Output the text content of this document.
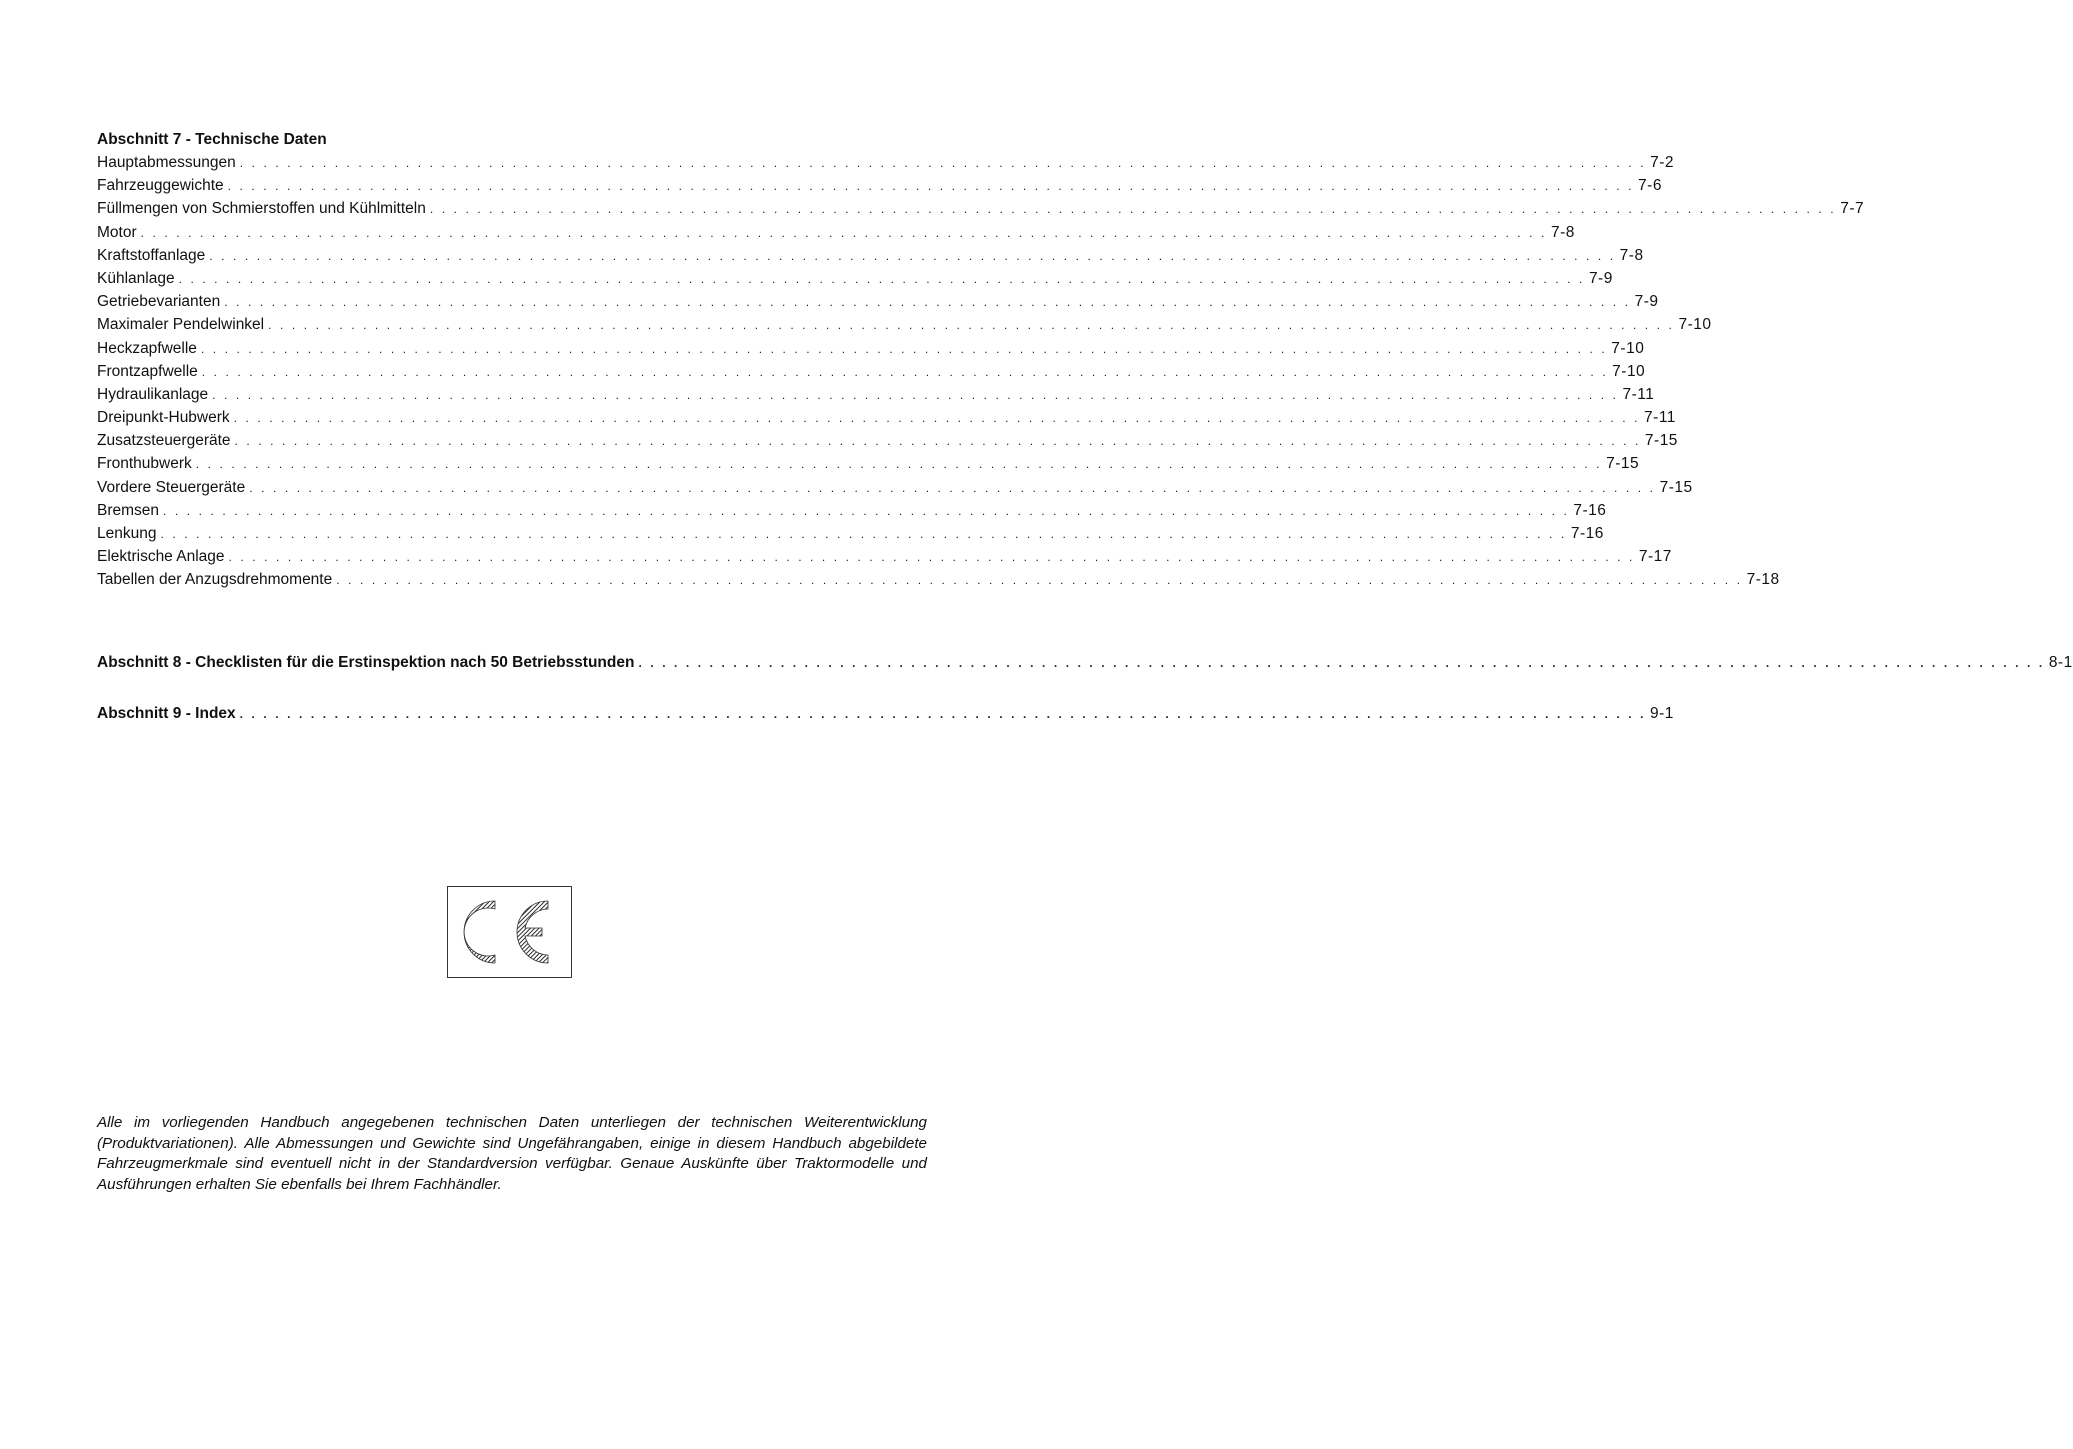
Abschnitt 7 - Technische Daten
Hauptabmessungen . . . . . . . . . . . . . . . . . . . . . . . . . . . . . . . . . . . . . . . . . . . . . . . . . . . . . . . . . . . . . . . . . . . . . . . . . . . . . . . . . . . . . . . . . . . . . . . . . . . . . . . . . . . . . . . . . . . . . . . 7-2
Fahrzeuggewichte . . . . . . . . . . . . . . . . . . . . . . . . . . . . . . . . . . . . . . . . . . . . . . . . . . . . . . . . . . . . . . . . . . . . . . . . . . . . . . . . . . . . . . . . . . . . . . . . . . . . . . . . . . . . . . . . . . . . . . . 7-6
Füllmengen von Schmierstoffen und Kühlmitteln . . . . . . . . . . . . . . . . . . . . . . . . . . . . . . . . . . . . . . . . . . . . . . . . . . . . . . . . . . . . . . . . . . . . . . . . . . . . . . . . . . . . . . . . . . . . . . . . . . . . . . . . . . . . . . . . . . . . . . . 7-7
Motor . . . . . . . . . . . . . . . . . . . . . . . . . . . . . . . . . . . . . . . . . . . . . . . . . . . . . . . . . . . . . . . . . . . . . . . . . . . . . . . . . . . . . . . . . . . . . . . . . . . . . . . . . . . . . . . . . . . . . . . 7-8
Kraftstoffanlage . . . . . . . . . . . . . . . . . . . . . . . . . . . . . . . . . . . . . . . . . . . . . . . . . . . . . . . . . . . . . . . . . . . . . . . . . . . . . . . . . . . . . . . . . . . . . . . . . . . . . . . . . . . . . . . . . . . . . . . 7-8
Kühlanlage . . . . . . . . . . . . . . . . . . . . . . . . . . . . . . . . . . . . . . . . . . . . . . . . . . . . . . . . . . . . . . . . . . . . . . . . . . . . . . . . . . . . . . . . . . . . . . . . . . . . . . . . . . . . . . . . . . . . . . . 7-9
Getriebevarianten . . . . . . . . . . . . . . . . . . . . . . . . . . . . . . . . . . . . . . . . . . . . . . . . . . . . . . . . . . . . . . . . . . . . . . . . . . . . . . . . . . . . . . . . . . . . . . . . . . . . . . . . . . . . . . . . . . . . . . . 7-9
Maximaler Pendelwinkel . . . . . . . . . . . . . . . . . . . . . . . . . . . . . . . . . . . . . . . . . . . . . . . . . . . . . . . . . . . . . . . . . . . . . . . . . . . . . . . . . . . . . . . . . . . . . . . . . . . . . . . . . . . . . . . . . . . . . . . 7-10
Heckzapfwelle . . . . . . . . . . . . . . . . . . . . . . . . . . . . . . . . . . . . . . . . . . . . . . . . . . . . . . . . . . . . . . . . . . . . . . . . . . . . . . . . . . . . . . . . . . . . . . . . . . . . . . . . . . . . . . . . . . . . . . . 7-10
Frontzapfwelle . . . . . . . . . . . . . . . . . . . . . . . . . . . . . . . . . . . . . . . . . . . . . . . . . . . . . . . . . . . . . . . . . . . . . . . . . . . . . . . . . . . . . . . . . . . . . . . . . . . . . . . . . . . . . . . . . . . . . . . 7-10
Hydraulikanlage . . . . . . . . . . . . . . . . . . . . . . . . . . . . . . . . . . . . . . . . . . . . . . . . . . . . . . . . . . . . . . . . . . . . . . . . . . . . . . . . . . . . . . . . . . . . . . . . . . . . . . . . . . . . . . . . . . . . . . . 7-11
Dreipunkt-Hubwerk . . . . . . . . . . . . . . . . . . . . . . . . . . . . . . . . . . . . . . . . . . . . . . . . . . . . . . . . . . . . . . . . . . . . . . . . . . . . . . . . . . . . . . . . . . . . . . . . . . . . . . . . . . . . . . . . . . . . . . . 7-11
Zusatzsteuergeräte . . . . . . . . . . . . . . . . . . . . . . . . . . . . . . . . . . . . . . . . . . . . . . . . . . . . . . . . . . . . . . . . . . . . . . . . . . . . . . . . . . . . . . . . . . . . . . . . . . . . . . . . . . . . . . . . . . . . . . . 7-15
Fronthubwerk . . . . . . . . . . . . . . . . . . . . . . . . . . . . . . . . . . . . . . . . . . . . . . . . . . . . . . . . . . . . . . . . . . . . . . . . . . . . . . . . . . . . . . . . . . . . . . . . . . . . . . . . . . . . . . . . . . . . . . . 7-15
Vordere Steuergeräte . . . . . . . . . . . . . . . . . . . . . . . . . . . . . . . . . . . . . . . . . . . . . . . . . . . . . . . . . . . . . . . . . . . . . . . . . . . . . . . . . . . . . . . . . . . . . . . . . . . . . . . . . . . . . . . . . . . . . . . 7-15
Bremsen . . . . . . . . . . . . . . . . . . . . . . . . . . . . . . . . . . . . . . . . . . . . . . . . . . . . . . . . . . . . . . . . . . . . . . . . . . . . . . . . . . . . . . . . . . . . . . . . . . . . . . . . . . . . . . . . . . . . . . . 7-16
Lenkung . . . . . . . . . . . . . . . . . . . . . . . . . . . . . . . . . . . . . . . . . . . . . . . . . . . . . . . . . . . . . . . . . . . . . . . . . . . . . . . . . . . . . . . . . . . . . . . . . . . . . . . . . . . . . . . . . . . . . . . 7-16
Elektrische Anlage . . . . . . . . . . . . . . . . . . . . . . . . . . . . . . . . . . . . . . . . . . . . . . . . . . . . . . . . . . . . . . . . . . . . . . . . . . . . . . . . . . . . . . . . . . . . . . . . . . . . . . . . . . . . . . . . . . . . . . . 7-17
Tabellen der Anzugsdrehmomente . . . . . . . . . . . . . . . . . . . . . . . . . . . . . . . . . . . . . . . . . . . . . . . . . . . . . . . . . . . . . . . . . . . . . . . . . . . . . . . . . . . . . . . . . . . . . . . . . . . . . . . . . . . . . . . . . . . . . . . 7-18
Abschnitt 8 - Checklisten für die Erstinspektion nach 50 Betriebsstunden . . . . . . . . . . . . . . . . . . . . . . . . . . . . . . . . . . . . . . . . . . . . . . . . . . . . . . . . . . . . . . . . . . . . . . . . . . . . . . . . . . . . . . . . . . . . . . . . . . . . . . . . . . . . . . . . . . . . . . . 8-1
Abschnitt 9 - Index . . . . . . . . . . . . . . . . . . . . . . . . . . . . . . . . . . . . . . . . . . . . . . . . . . . . . . . . . . . . . . . . . . . . . . . . . . . . . . . . . . . . . . . . . . . . . . . . . . . . . . . . . . . . . . . . . . . . . . . 9-1

Alle im vorliegenden Handbuch angegebenen technischen Daten unterliegen der technischen Weiterentwicklung (Produktvariationen). Alle Abmessungen und Gewichte sind Ungefährangaben, einige in diesem Handbuch abgebildete Fahrzeugmerkmale sind eventuell nicht in der Standardversion verfügbar. Genaue Auskünfte über Traktormodelle und Ausführungen erhalten Sie ebenfalls bei Ihrem Fachhändler.
